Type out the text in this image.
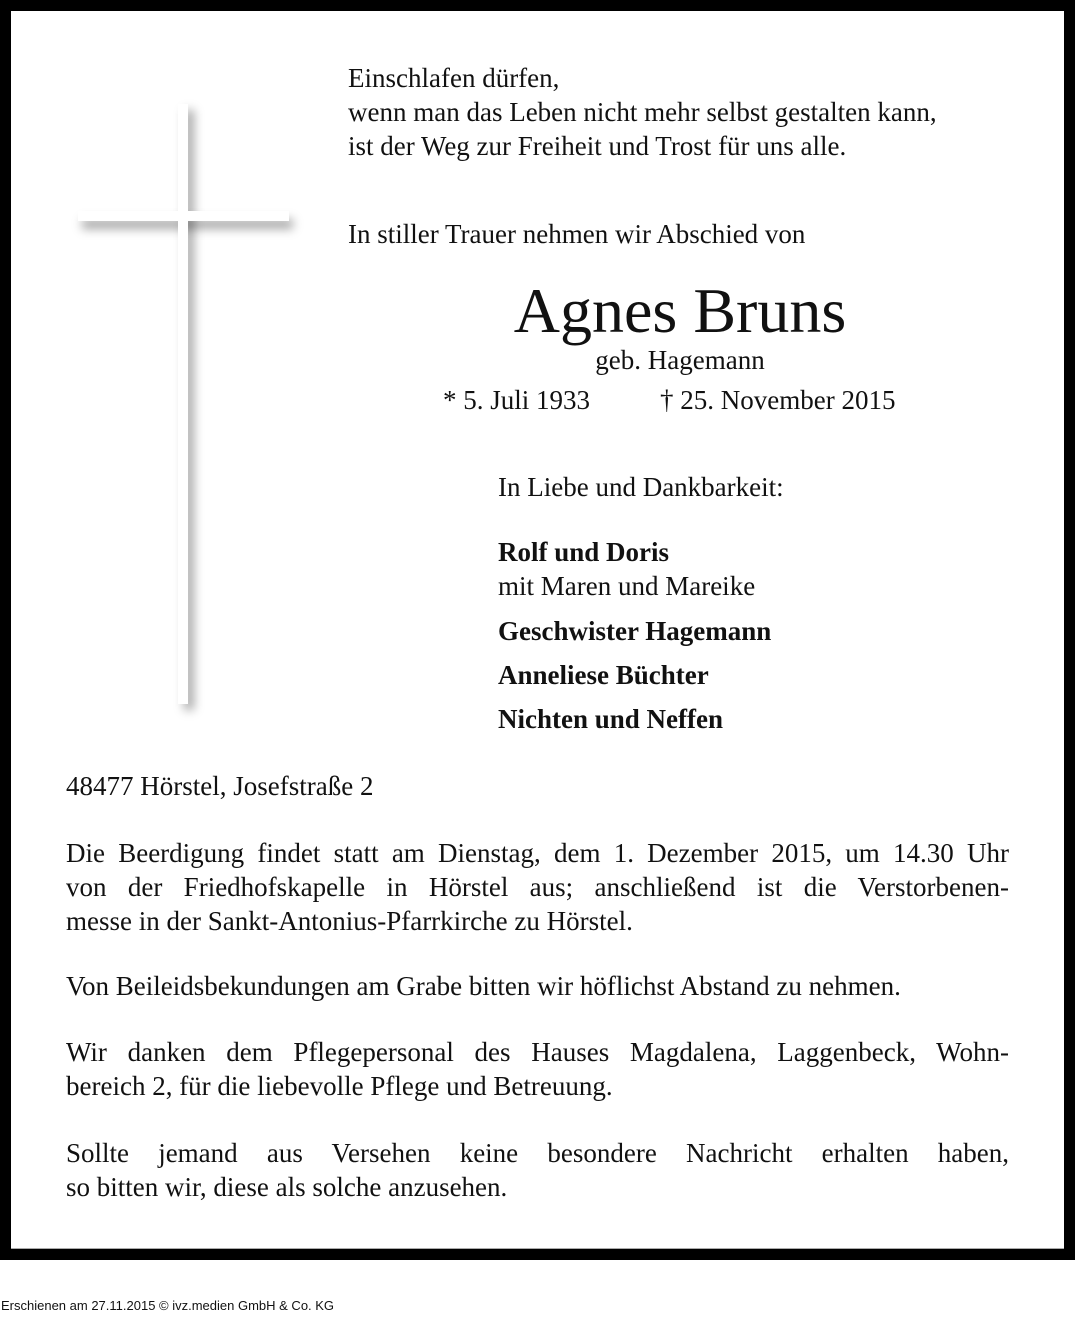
Einschlafen dürfen,
wenn man das Leben nicht mehr selbst gestalten kann,
ist der Weg zur Freiheit und Trost für uns alle.
In stiller Trauer nehmen wir Abschied von
Agnes Bruns
geb. Hagemann
* 5. Juli 1933	† 25. November 2015
In Liebe und Dankbarkeit:
Rolf und Doris
mit Maren und Mareike
Geschwister Hagemann
Anneliese Büchter
Nichten und Neffen
48477 Hörstel, Josefstraße 2
Die Beerdigung findet statt am Dienstag, dem 1. Dezember 2015, um 14.30 Uhr
von der Friedhofskapelle in Hörstel aus; anschließend ist die Verstorbenen-
messe in der Sankt-Antonius-Pfarrkirche zu Hörstel.
Von Beileidsbekundungen am Grabe bitten wir höflichst Abstand zu nehmen.
Wir danken dem Pflegepersonal des Hauses Magdalena, Laggenbeck, Wohn-
bereich 2, für die liebevolle Pflege und Betreuung.
Sollte jemand aus Versehen keine besondere Nachricht erhalten haben,
so bitten wir, diese als solche anzusehen.
Erschienen am 27.11.2015 © ivz.medien GmbH & Co. KG
